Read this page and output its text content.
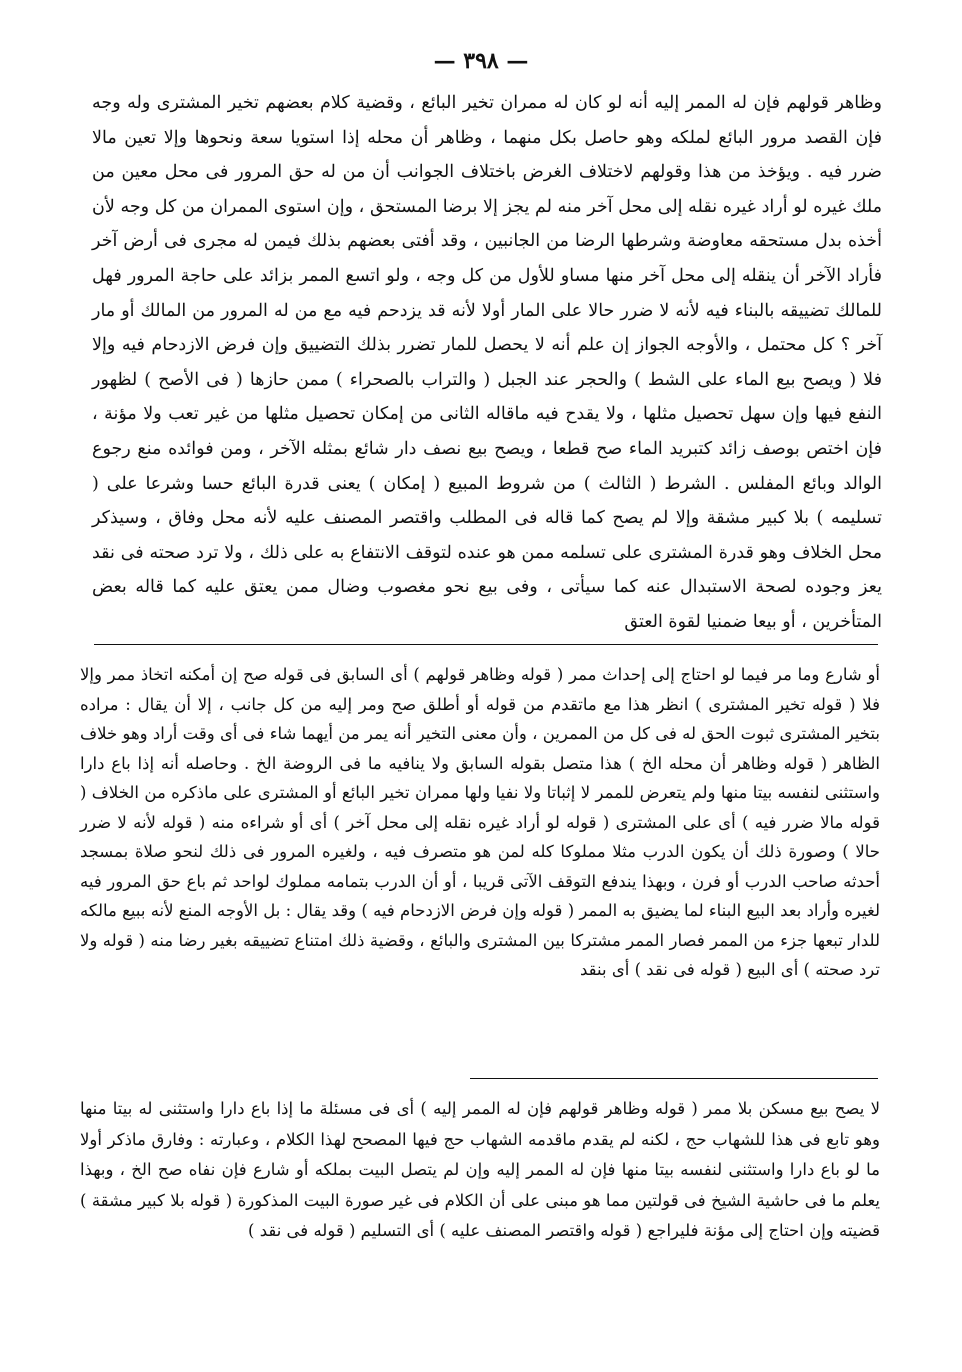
— ٣٩٨ —

وظاهر قولهم فإن له الممر إليه أنه لو كان له ممران تخير البائع ، وقضية كلام بعضهم تخير المشترى وله وجه فإن القصد مرور البائع لملكه وهو حاصل بكل منهما ، وظاهر أن محله إذا استويا سعة ونحوها وإلا تعين مالا ضرر فيه . ويؤخذ من هذا وقولهم لاختلاف الغرض باختلاف الجوانب أن من له حق المرور فى محل معين من ملك غيره لو أراد غيره نقله إلى محل آخر منه لم يجز إلا برضا المستحق ، وإن استوى الممران من كل وجه لأن أخذه بدل مستحقه معاوضة وشرطها الرضا من الجانبين ، وقد أفتى بعضهم بذلك فيمن له مجرى فى أرض آخر فأراد الآخر أن ينقله إلى محل آخر منها مساو للأول من كل وجه ، ولو اتسع الممر بزائد على حاجة المرور فهل للمالك تضييقه بالبناء فيه لأنه لا ضرر حالا على المار أولا لأنه قد يزدحم فيه مع من له المرور من المالك أو مار آخر ؟ كل محتمل ، والأوجه الجواز إن علم أنه لا يحصل للمار تضرر بذلك التضييق وإن فرض الازدحام فيه وإلا فلا ( ويصح بيع الماء على الشط ) والحجر عند الجبل ( والتراب بالصحراء ) ممن حازها ( فى الأصح ) لظهور النفع فيها وإن سهل تحصيل مثلها ، ولا يقدح فيه ماقاله الثانى من إمكان تحصيل مثلها من غير تعب ولا مؤنة ، فإن اختص بوصف زائد كتبريد الماء صح قطعا ، ويصح بيع نصف دار شائع بمثله الآخر ، ومن فوائده منع رجوع الوالد وبائع المفلس . الشرط ( الثالث ) من شروط المبيع ( إمكان ) يعنى قدرة البائع حسا وشرعا على ( تسليمه ) بلا كبير مشقة وإلا لم يصح كما قاله فى المطلب واقتصر المصنف عليه لأنه محل وفاق ، وسيذكر محل الخلاف وهو قدرة المشترى على تسلمه ممن هو عنده لتوقف الانتفاع به على ذلك ، ولا ترد صحته فى نقد يعز وجوده لصحة الاستبدال عنه كما سيأتى ، وفى بيع نحو مغصوب وضال ممن يعتق عليه كما قاله بعض المتأخرين ، أو بيعا ضمنيا لقوة العتق

أو شارع وما مر فيما لو احتاج إلى إحداث ممر ( قوله وظاهر قولهم ) أى السابق فى قوله صح إن أمكنه اتخاذ ممر وإلا فلا ( قوله تخير المشترى ) انظر هذا مع ماتقدم من قوله أو أطلق صح ومر إليه من كل جانب ، إلا أن يقال : مراده بتخير المشترى ثبوت الحق له فى كل من الممرين ، وأن معنى التخير أنه يمر من أيهما شاء فى أى وقت أراد وهو خلاف الظاهر ( قوله وظاهر أن محله الخ ) هذا متصل بقوله السابق ولا ينافيه ما فى الروضة الخ . وحاصله أنه إذا باع دارا واستثنى لنفسه بيتا منها ولم يتعرض للممر لا إثباتا ولا نفيا ولها ممران تخير البائع أو المشترى على ماذكره من الخلاف ( قوله مالا ضرر فيه ) أى على المشترى ( قوله لو أراد غيره نقله إلى محل آخر ) أى أو شراءه منه ( قوله لأنه لا ضرر حالا ) وصورة ذلك أن يكون الدرب مثلا مملوكا كله لمن هو متصرف فيه ، ولغيره المرور فى ذلك لنحو صلاة بمسجد أحدثه صاحب الدرب أو فرن ، وبهذا يندفع التوقف الآتى قريبا ، أو أن الدرب بتمامه مملوك لواحد ثم باع حق المرور فيه لغيره وأراد بعد البيع البناء لما يضيق به الممر ( قوله وإن فرض الازدحام فيه ) وقد يقال : بل الأوجه المنع لأنه ببيع مالكه للدار تبعها جزء من الممر فصار الممر مشتركا بين المشترى والبائع ، وقضية ذلك امتناع تضييقه بغير رضا منه ( قوله ولا ترد صحته ) أى البيع ( قوله فى نقد ) أى بنقد

لا يصح بيع مسكن بلا ممر ( قوله وظاهر قولهم فإن له الممر إليه ) أى فى مسئلة ما إذا باع دارا واستثنى له بيتا منها وهو تابع فى هذا للشهاب حج ، لكنه لم يقدم ماقدمه الشهاب حج فيها المصحح لهذا الكلام ، وعبارته : وفارق ماذكر أولا ما لو باع دارا واستثنى لنفسه بيتا منها فإن له الممر إليه وإن لم يتصل البيت بملكه أو شارع فإن نفاه صح الخ ، وبهذا يعلم ما فى حاشية الشيخ فى قولتين مما هو مبنى على أن الكلام فى غير صورة البيت المذكورة ( قوله بلا كبير مشقة ) قضيته وإن احتاج إلى مؤنة فليراجع ( قوله واقتصر المصنف عليه ) أى التسليم ( قوله فى نقد )
